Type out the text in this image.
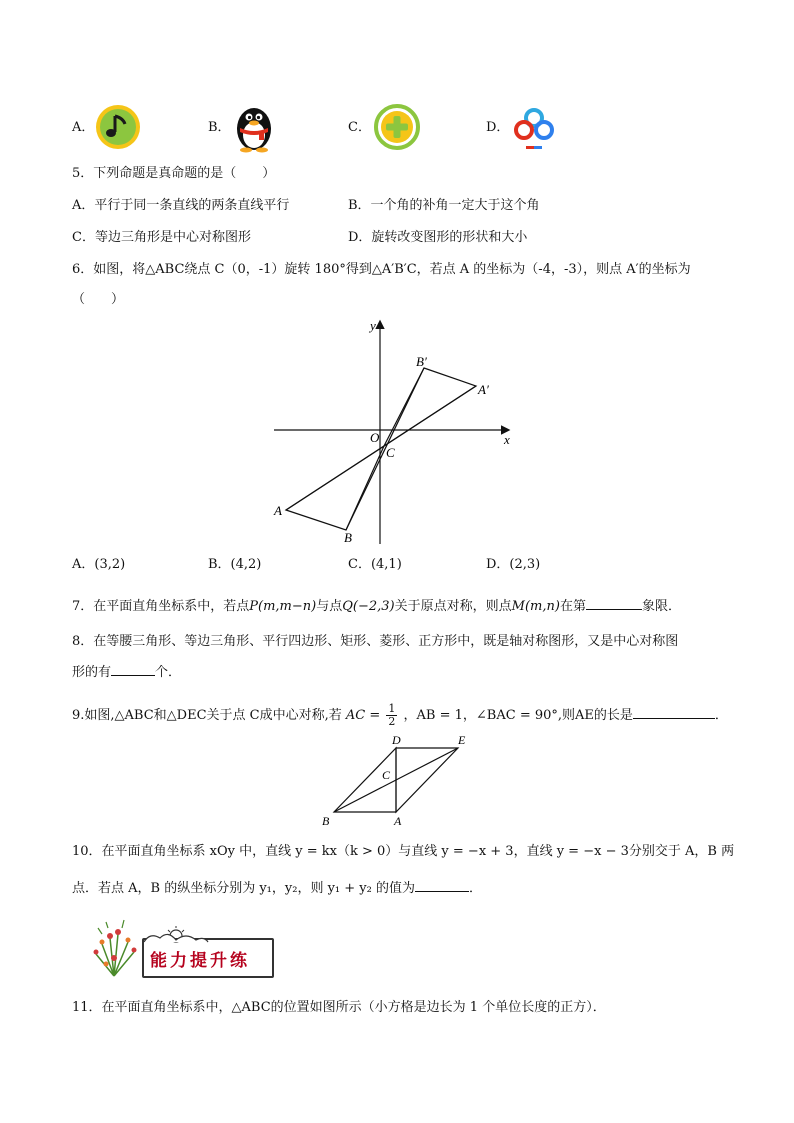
A．	B．	C．	D．
5．下列命题是真命题的是（　　）
A．平行于同一条直线的两条直线平行	B．一个角的补角一定大于这个角
C．等边三角形是中心对称图形	D．旋转改变图形的形状和大小
6．如图，将△ABC绕点 C（0，-1）旋转 180°得到△A′B′C，若点 A 的坐标为（-4，-3），则点 A′的坐标为
（　　）
y
x
O
C
A
B
A′
B′
A．(3,2)	B．(4,2)	C．(4,1)	D．(2,3)
7．在平面直角坐标系中，若点P(m,m−n)与点Q(−2,3)关于原点对称，则点M(m,n)在第	象限．
8．在等腰三角形、等边三角形、平行四边形、矩形、菱形、正方形中，既是轴对称图形，又是中心对称图
形的有	个．
9.如图,△ABC和△DEC关于点 C成中心对称,若 AC = $\frac{1}{2}$ ，AB = 1，∠BAC = 90°,则AE的长是	．
D	E
C
B	A
10．在平面直角坐标系 xOy 中，直线 y = kx（k > 0）与直线 y = −x + 3，直线 y = −x − 3分别交于 A，B 两
点．若点 A，B 的纵坐标分别为 y₁，y₂，则 y₁ + y₂ 的值为	．
能力提升练
11．在平面直角坐标系中，△ABC的位置如图所示（小方格是边长为 1 个单位长度的正方）．
